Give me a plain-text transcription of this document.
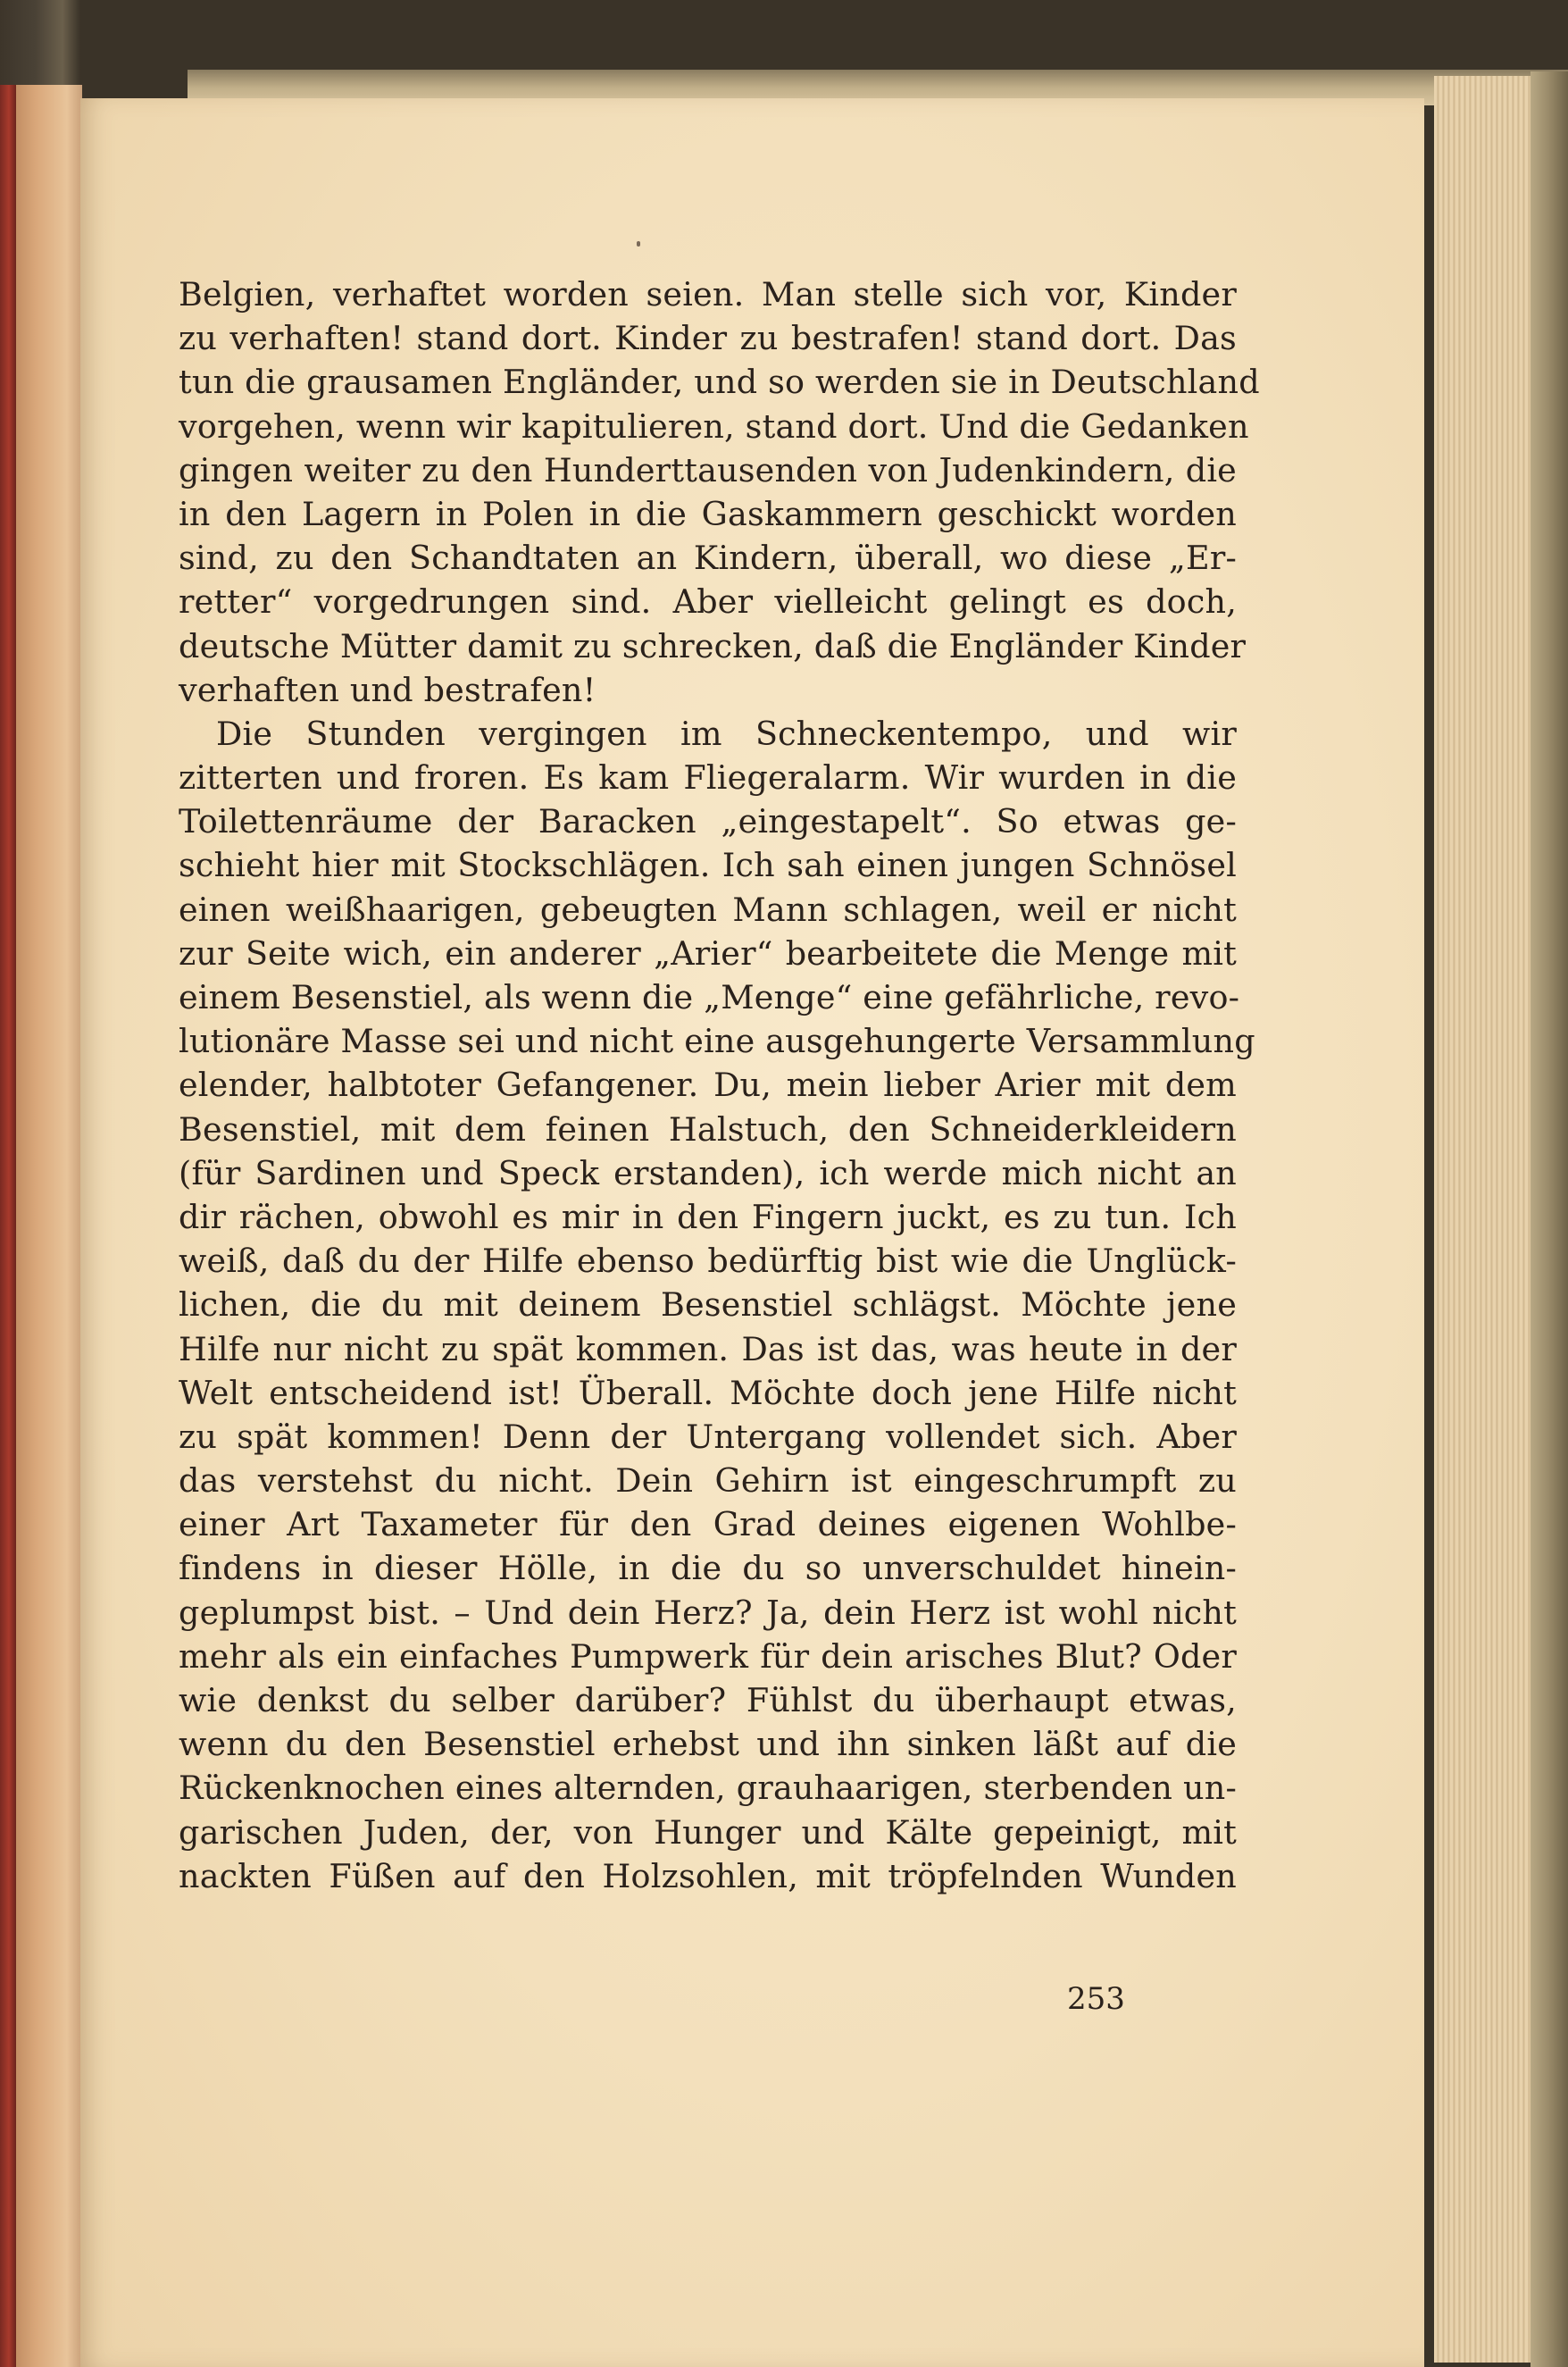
Belgien, verhaftet worden seien. Man stelle sich vor, Kinder
zu verhaften! stand dort. Kinder zu bestrafen! stand dort. Das
tun die grausamen Engländer, und so werden sie in Deutschland
vorgehen, wenn wir kapitulieren, stand dort. Und die Gedanken
gingen weiter zu den Hunderttausenden von Judenkindern, die
in den Lagern in Polen in die Gaskammern geschickt worden
sind, zu den Schandtaten an Kindern, überall, wo diese „Er-
retter“ vorgedrungen sind. Aber vielleicht gelingt es doch,
deutsche Mütter damit zu schrecken, daß die Engländer Kinder
verhaften und bestrafen!
Die Stunden vergingen im Schneckentempo, und wir
zitterten und froren. Es kam Fliegeralarm. Wir wurden in die
Toilettenräume der Baracken „eingestapelt“. So etwas ge-
schieht hier mit Stockschlägen. Ich sah einen jungen Schnösel
einen weißhaarigen, gebeugten Mann schlagen, weil er nicht
zur Seite wich, ein anderer „Arier“ bearbeitete die Menge mit
einem Besenstiel, als wenn die „Menge“ eine gefährliche, revo-
lutionäre Masse sei und nicht eine ausgehungerte Versammlung
elender, halbtoter Gefangener. Du, mein lieber Arier mit dem
Besenstiel, mit dem feinen Halstuch, den Schneiderkleidern
(für Sardinen und Speck erstanden), ich werde mich nicht an
dir rächen, obwohl es mir in den Fingern juckt, es zu tun. Ich
weiß, daß du der Hilfe ebenso bedürftig bist wie die Unglück-
lichen, die du mit deinem Besenstiel schlägst. Möchte jene
Hilfe nur nicht zu spät kommen. Das ist das, was heute in der
Welt entscheidend ist! Überall. Möchte doch jene Hilfe nicht
zu spät kommen! Denn der Untergang vollendet sich. Aber
das verstehst du nicht. Dein Gehirn ist eingeschrumpft zu
einer Art Taxameter für den Grad deines eigenen Wohlbe-
findens in dieser Hölle, in die du so unverschuldet hinein-
geplumpst bist. – Und dein Herz? Ja, dein Herz ist wohl nicht
mehr als ein einfaches Pumpwerk für dein arisches Blut? Oder
wie denkst du selber darüber? Fühlst du überhaupt etwas,
wenn du den Besenstiel erhebst und ihn sinken läßt auf die
Rückenknochen eines alternden, grauhaarigen, sterbenden un-
garischen Juden, der, von Hunger und Kälte gepeinigt, mit
nackten Füßen auf den Holzsohlen, mit tröpfelnden Wunden
253
